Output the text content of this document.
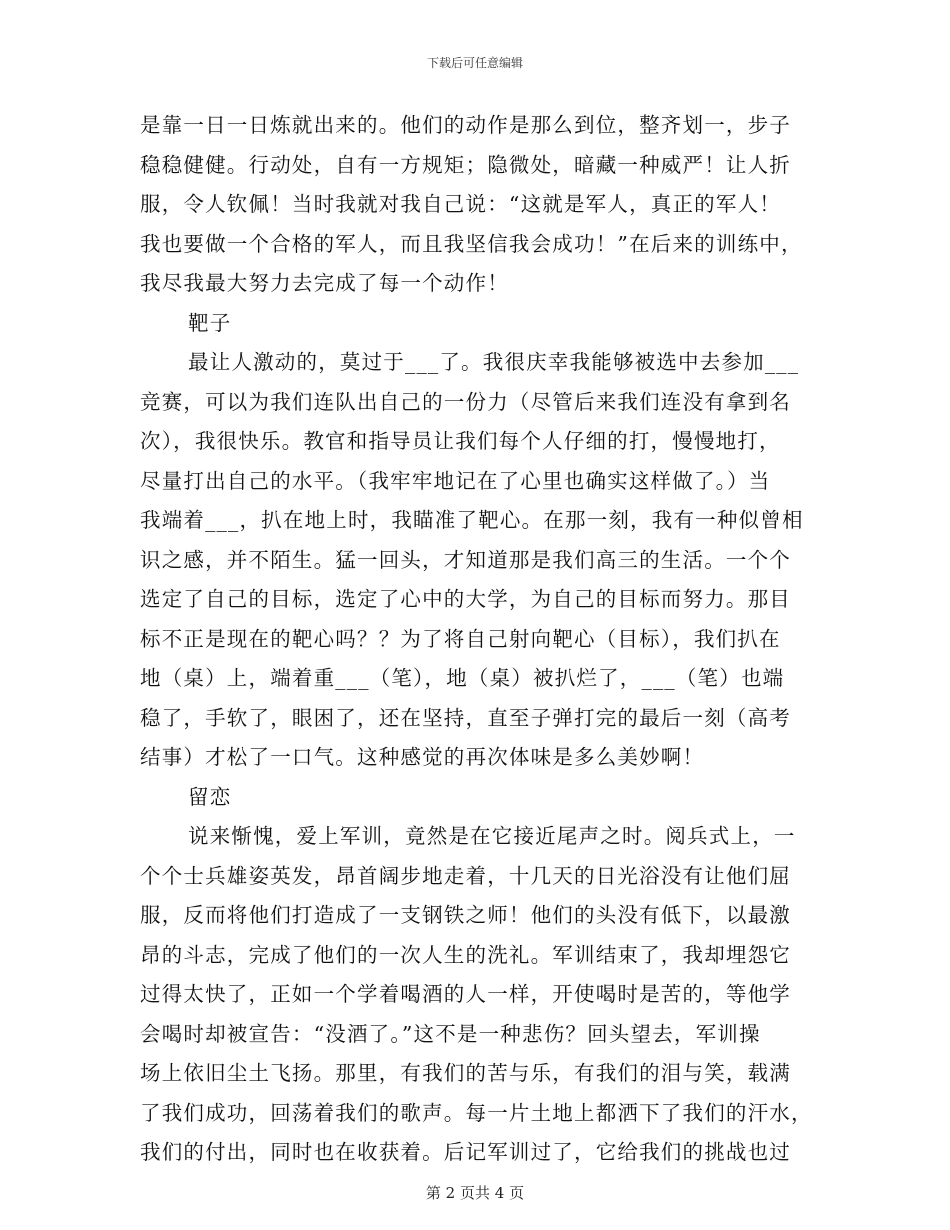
下载后可任意编辑
是靠一日一日炼就出来的。他们的动作是那么到位，整齐划一，步子
稳稳健健。行动处，自有一方规矩；隐微处，暗藏一种威严！让人折
服，令人钦佩！当时我就对我自己说：“这就是军人，真正的军人！
我也要做一个合格的军人，而且我坚信我会成功！”在后来的训练中，
我尽我最大努力去完成了每一个动作！
靶子
最让人激动的，莫过于___了。我很庆幸我能够被选中去参加___
竞赛，可以为我们连队出自己的一份力（尽管后来我们连没有拿到名
次），我很快乐。教官和指导员让我们每个人仔细的打，慢慢地打，
尽量打出自己的水平。（我牢牢地记在了心里也确实这样做了。）当
我端着___，扒在地上时，我瞄准了靶心。在那一刻，我有一种似曾相
识之感，并不陌生。猛一回头，才知道那是我们高三的生活。一个个
选定了自己的目标，选定了心中的大学，为自己的目标而努力。那目
标不正是现在的靶心吗？？为了将自己射向靶心（目标），我们扒在
地（桌）上，端着重___（笔），地（桌）被扒烂了，___（笔）也端
稳了，手软了，眼困了，还在坚持，直至子弹打完的最后一刻（高考
结事）才松了一口气。这种感觉的再次体味是多么美妙啊！
留恋
说来惭愧，爱上军训，竟然是在它接近尾声之时。阅兵式上，一
个个士兵雄姿英发，昂首阔步地走着，十几天的日光浴没有让他们屈
服，反而将他们打造成了一支钢铁之师！他们的头没有低下，以最激
昂的斗志，完成了他们的一次人生的洗礼。军训结束了，我却埋怨它
过得太快了，正如一个学着喝酒的人一样，开使喝时是苦的，等他学
会喝时却被宣告：“没酒了。”这不是一种悲伤？回头望去，军训操
场上依旧尘土飞扬。那里，有我们的苦与乐，有我们的泪与笑，载满
了我们成功，回荡着我们的歌声。每一片土地上都洒下了我们的汗水，
我们的付出，同时也在收获着。后记军训过了，它给我们的挑战也过
第 2 页共 4 页
